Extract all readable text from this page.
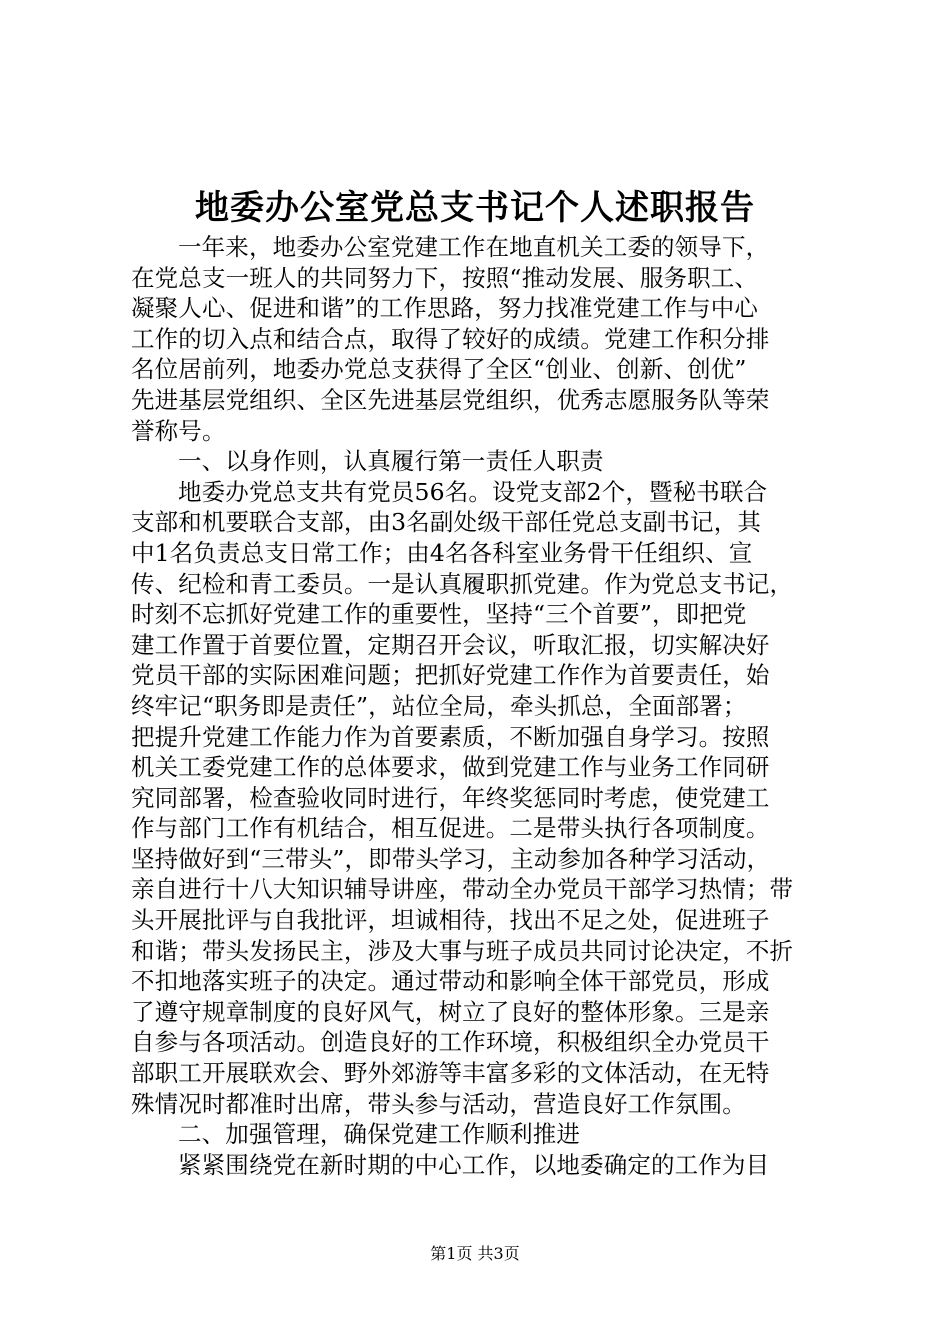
地委办公室党总支书记个人述职报告
一年来，地委办公室党建工作在地直机关工委的领导下，
在党总支一班人的共同努力下，按照“推动发展、服务职工、
凝聚人心、促进和谐”的工作思路，努力找准党建工作与中心
工作的切入点和结合点，取得了较好的成绩。党建工作积分排
名位居前列，地委办党总支获得了全区“创业、创新、创优”
先进基层党组织、全区先进基层党组织，优秀志愿服务队等荣
誉称号。
一、以身作则，认真履行第一责任人职责
地委办党总支共有党员56名。设党支部2个，暨秘书联合
支部和机要联合支部，由3名副处级干部任党总支副书记，其
中1名负责总支日常工作；由4名各科室业务骨干任组织、宣
传、纪检和青工委员。一是认真履职抓党建。作为党总支书记，
时刻不忘抓好党建工作的重要性，坚持“三个首要”，即把党
建工作置于首要位置，定期召开会议，听取汇报，切实解决好
党员干部的实际困难问题；把抓好党建工作作为首要责任，始
终牢记“职务即是责任”，站位全局，牵头抓总，全面部署；
把提升党建工作能力作为首要素质，不断加强自身学习。按照
机关工委党建工作的总体要求，做到党建工作与业务工作同研
究同部署，检查验收同时进行，年终奖惩同时考虑，使党建工
作与部门工作有机结合，相互促进。二是带头执行各项制度。
坚持做好到“三带头”，即带头学习，主动参加各种学习活动，
亲自进行十八大知识辅导讲座，带动全办党员干部学习热情；带
头开展批评与自我批评，坦诚相待，找出不足之处，促进班子
和谐；带头发扬民主，涉及大事与班子成员共同讨论决定，不折
不扣地落实班子的决定。通过带动和影响全体干部党员，形成
了遵守规章制度的良好风气，树立了良好的整体形象。三是亲
自参与各项活动。创造良好的工作环境，积极组织全办党员干
部职工开展联欢会、野外郊游等丰富多彩的文体活动，在无特
殊情况时都准时出席，带头参与活动，营造良好工作氛围。
二、加强管理，确保党建工作顺利推进
紧紧围绕党在新时期的中心工作，以地委确定的工作为目
第1页 共3页
